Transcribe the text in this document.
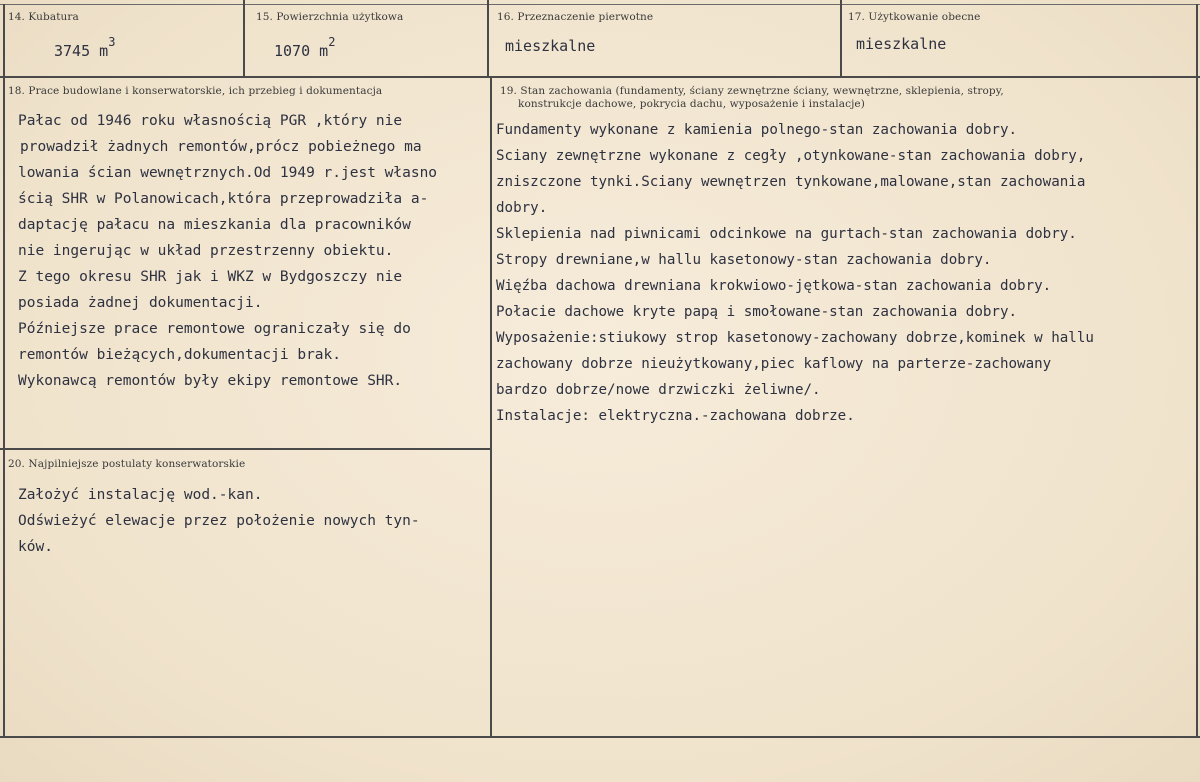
14. Kubatura
3745 $m^3$
15. Powierzchnia użytkowa
1070 $m^2$
16. Przeznaczenie pierwotne
mieszkalne
17. Użytkowanie obecne
mieszkalne
18. Prace budowlane i konserwatorskie, ich przebieg i dokumentacja
Pałac od 1946 roku własnością PGR ,który nie
prowadził żadnych remontów,prócz pobieżnego ma
lowania ścian wewnętrznych.Od 1949 r.jest własno
ścią SHR w Polanowicach,która przeprowadziła a-
daptację pałacu na mieszkania dla pracowników
nie ingerując w układ przestrzenny obiektu.
Z tego okresu SHR jak i WKZ w Bydgoszczy nie
posiada żadnej dokumentacji.
Późniejsze prace remontowe ograniczały się do
remontów bieżących,dokumentacji brak.
Wykonawcą remontów były ekipy remontowe SHR.
19. Stan zachowania (fundamenty, ściany zewnętrzne ściany, wewnętrzne, sklepienia, stropy,
konstrukcje dachowe, pokrycia dachu, wyposażenie i instalacje)
Fundamenty wykonane z kamienia polnego-stan zachowania dobry.
Sciany zewnętrzne wykonane z cegły ,otynkowane-stan zachowania dobry,
zniszczone tynki.Sciany wewnętrzen tynkowane,malowane,stan zachowania
dobry.
Sklepienia nad piwnicami odcinkowe na gurtach-stan zachowania dobry.
Stropy drewniane,w hallu kasetonowy-stan zachowania dobry.
Więźba dachowa drewniana krokwiowo-jętkowa-stan zachowania dobry.
Połacie dachowe kryte papą i smołowane-stan zachowania dobry.
Wyposażenie:stiukowy strop kasetonowy-zachowany dobrze,kominek w hallu
zachowany dobrze nieużytkowany,piec kaflowy na parterze-zachowany
bardzo dobrze/nowe drzwiczki żeliwne/.
Instalacje: elektryczna.-zachowana dobrze.
20. Najpilniejsze postulaty konserwatorskie
Założyć instalację wod.-kan.
Odświeżyć elewacje przez położenie nowych tyn-
ków.
